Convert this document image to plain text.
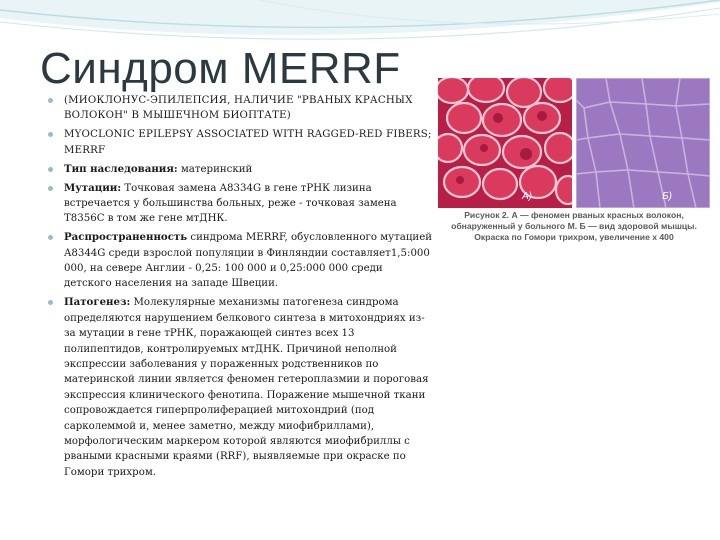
Синдром MERRF
(МИОКЛОНУС-ЭПИЛЕПСИЯ, НАЛИЧИЕ "РВАНЫХ КРАСНЫХ ВОЛОКОН" В МЫШЕЧНОМ БИОПТАТЕ)
MYOCLONIC EPILEPSY ASSOCIATED WITH RAGGED-RED FIBERS; MERRF
Тип наследования: материнский
Мутации: Точковая замена A8334G в гене тРНК лизина встречается у большинства больных, реже - точковая замена T8356C в том же гене мтДНК.
Распространенность синдрома MERRF, обусловленного мутацией A8344G среди взрослой популяции в Финляндии составляет1,5:000 000, на севере Англии - 0,25: 100 000 и 0,25:000 000 среди детского населения на западе Швеции.
Патогенез: Молекулярные механизмы патогенеза синдрома определяются нарушением белкового синтеза в митохондриях из-за мутации в гене тРНК, поражающей синтез всех 13 полипептидов, контролируемых мтДНК. Причиной неполной экспрессии заболевания у пораженных родственников по материнской линии является феномен гетероплазмии и пороговая экспрессия клинического фенотипа. Поражение мышечной ткани сопровождается гиперпролиферацией митохондрий (под сарколеммой и, менее заметно, между миофибриллами), морфологическим маркером которой являются миофибриллы с рваными красными краями (RRF), выявляемые при окраске по Гомори трихром.
А)	Б)
Рисунок 2. А — феномен рваных красных волокон, обнаруженный у больного М. Б — вид здоровой мышцы. Окраска по Гомори трихром, увеличение х 400
